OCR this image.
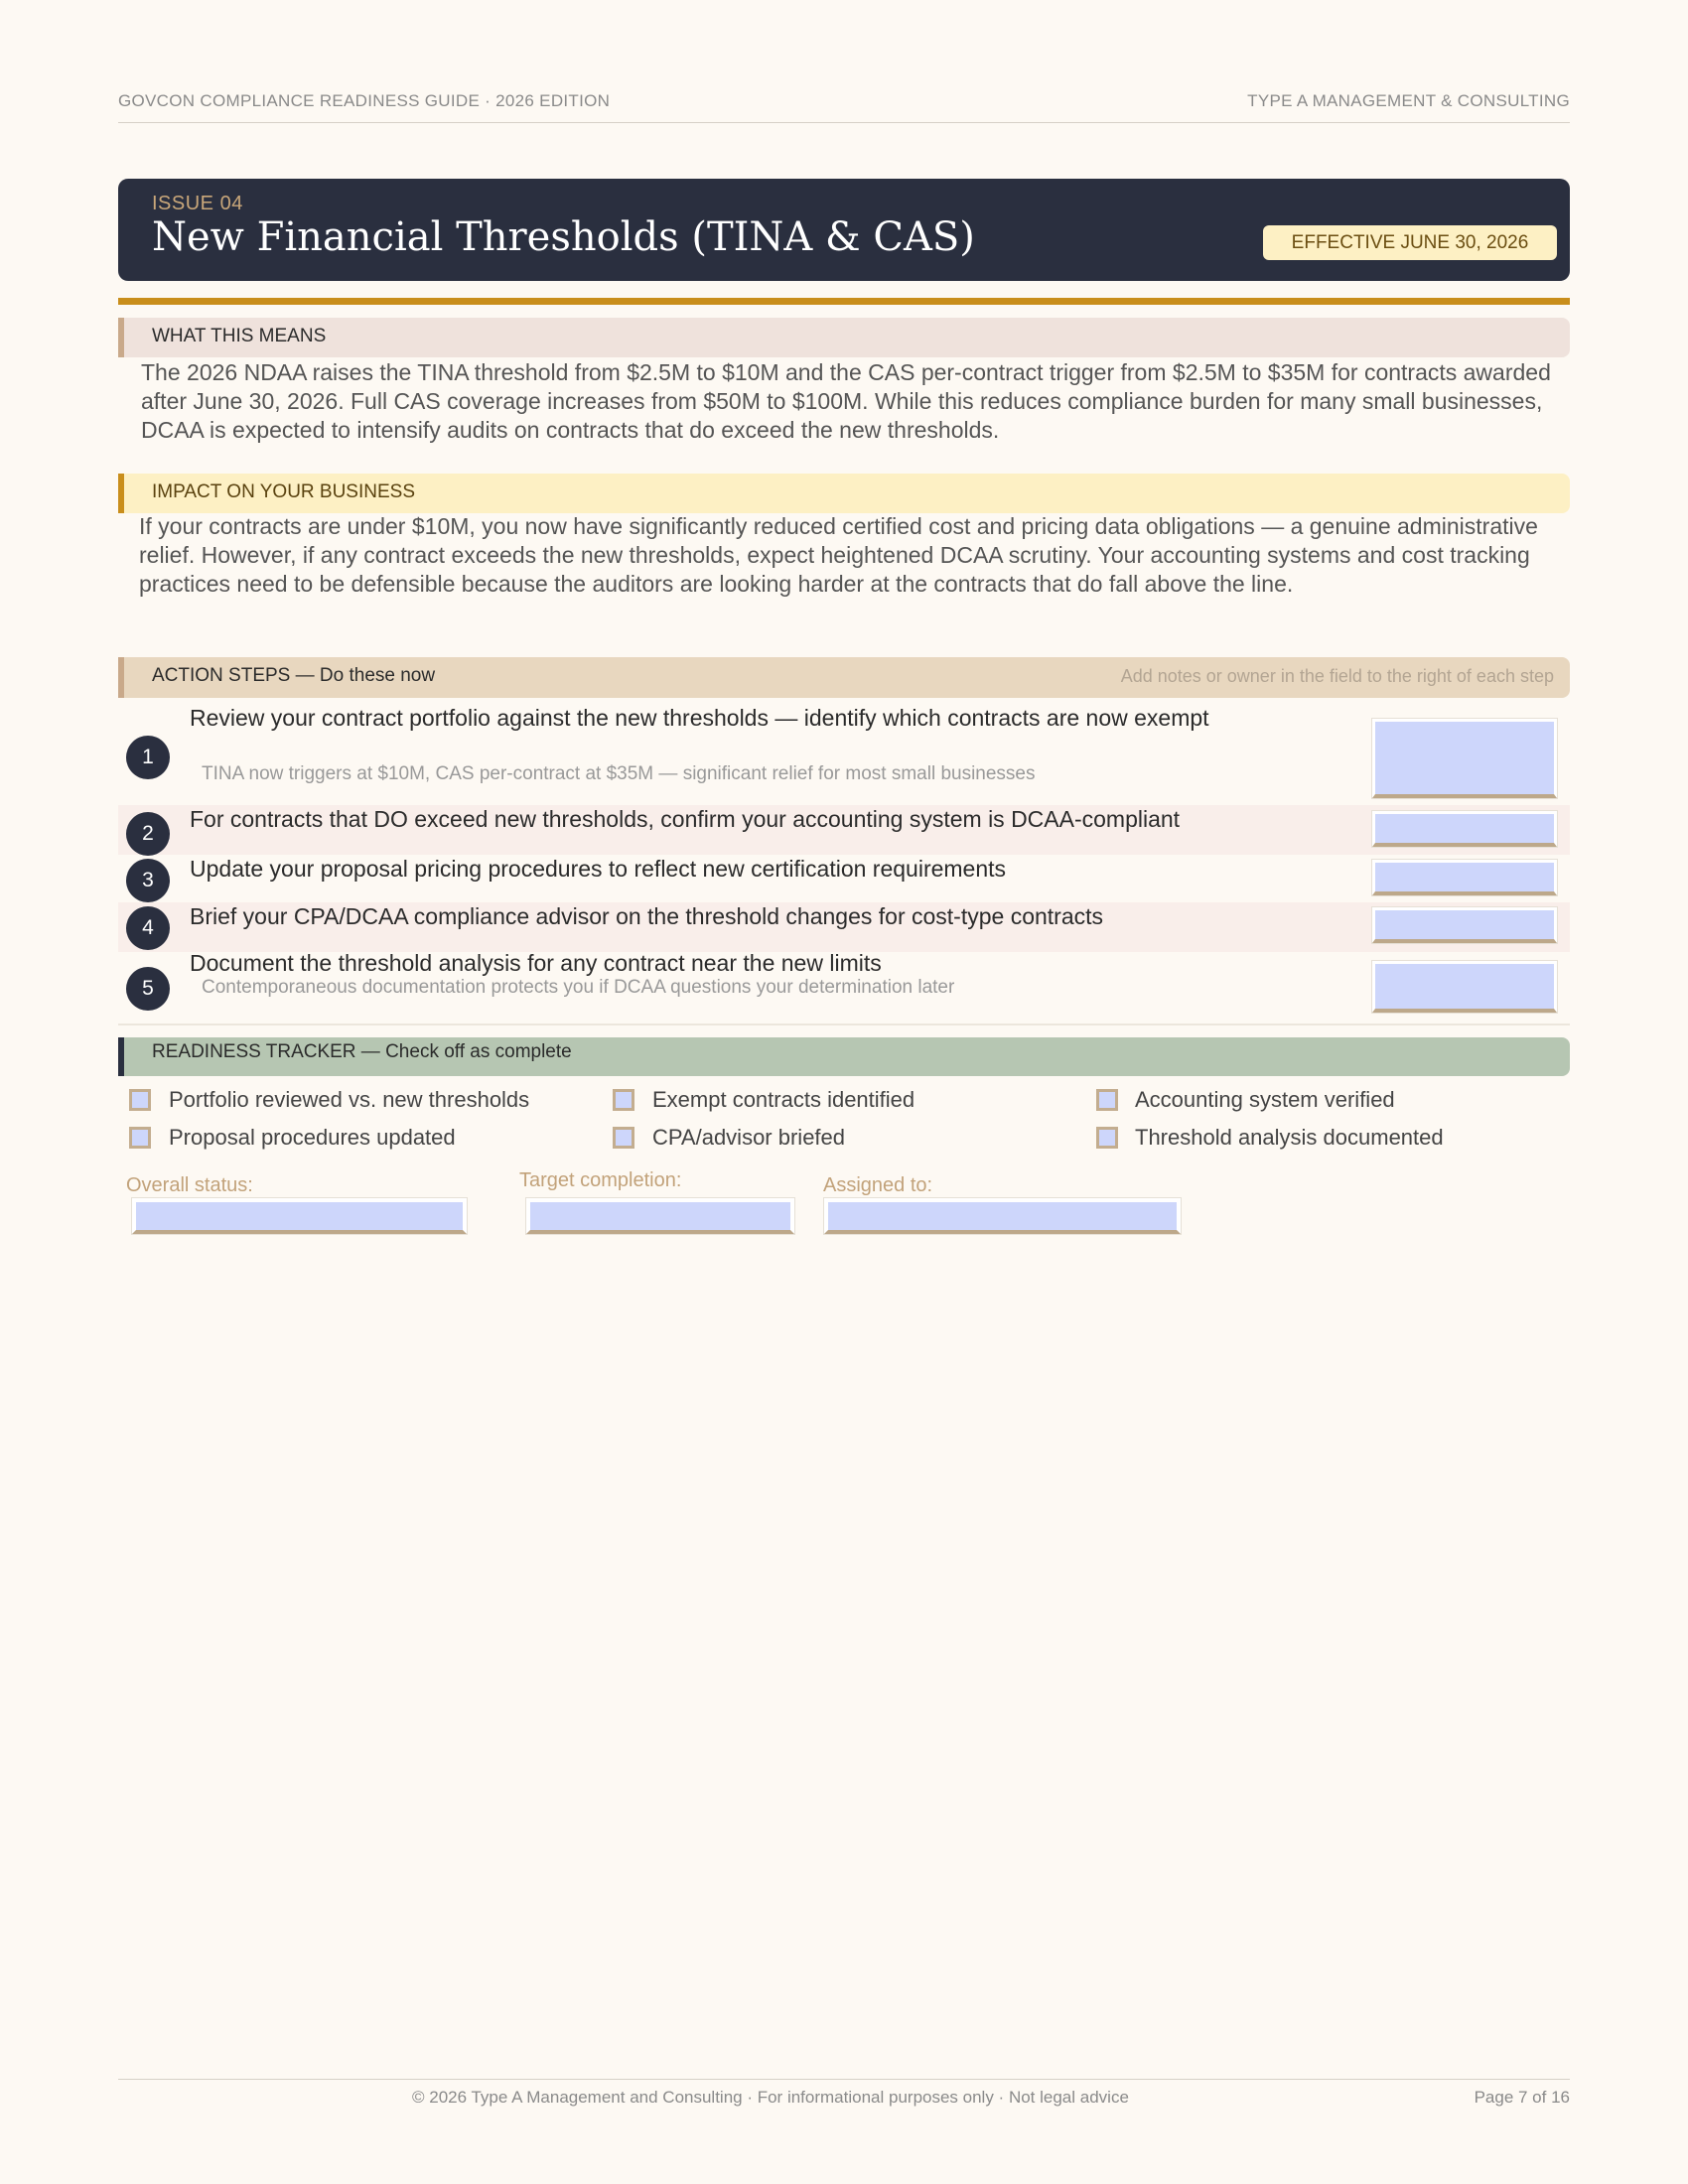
GOVCON COMPLIANCE READINESS GUIDE · 2026 EDITION	TYPE A MANAGEMENT & CONSULTING
ISSUE 04
New Financial Thresholds (TINA & CAS)	EFFECTIVE JUNE 30, 2026
WHAT THIS MEANS
The 2026 NDAA raises the TINA threshold from $2.5M to $10M and the CAS per-contract trigger from $2.5M to $35M for contracts awarded after June 30, 2026. Full CAS coverage increases from $50M to $100M. While this reduces compliance burden for many small businesses, DCAA is expected to intensify audits on contracts that do exceed the new thresholds.
IMPACT ON YOUR BUSINESS
If your contracts are under $10M, you now have significantly reduced certified cost and pricing data obligations — a genuine administrative relief. However, if any contract exceeds the new thresholds, expect heightened DCAA scrutiny. Your accounting systems and cost tracking practices need to be defensible because the auditors are looking harder at the contracts that do fall above the line.
ACTION STEPS — Do these now	Add notes or owner in the field to the right of each step
1
Review your contract portfolio against the new thresholds — identify which contracts are now exempt
TINA now triggers at $10M, CAS per-contract at $35M — significant relief for most small businesses
2
For contracts that DO exceed new thresholds, confirm your accounting system is DCAA-compliant
3	Update your proposal pricing procedures to reflect new certification requirements
4	Brief your CPA/DCAA compliance advisor on the threshold changes for cost-type contracts
5
Document the threshold analysis for any contract near the new limits
Contemporaneous documentation protects you if DCAA questions your determination later
READINESS TRACKER — Check off as complete
Portfolio reviewed vs. new thresholds	Exempt contracts identified	Accounting system verified
Proposal procedures updated	CPA/advisor briefed	Threshold analysis documented
Overall status:	Target completion:	Assigned to:
© 2026 Type A Management and Consulting · For informational purposes only · Not legal advice	Page 7 of 16
